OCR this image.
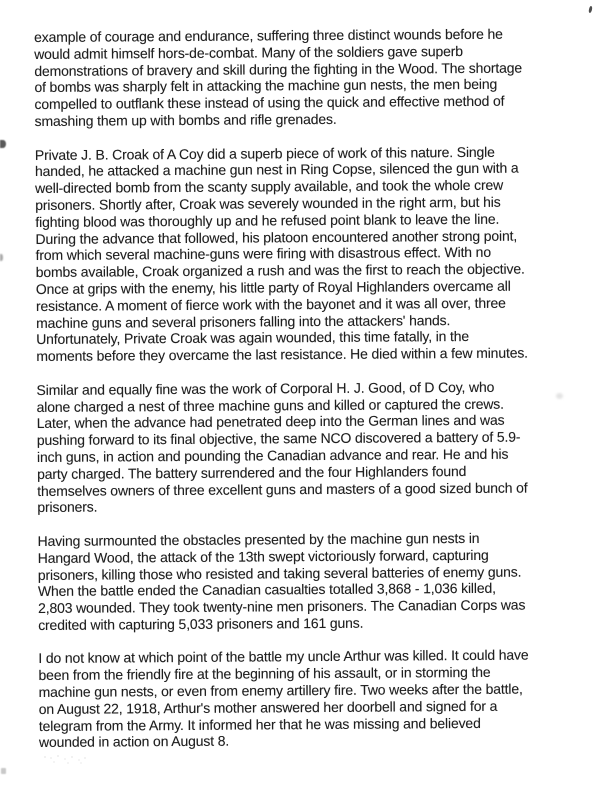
example of courage and endurance, suffering three distinct wounds before he
would admit himself hors-de-combat. Many of the soldiers gave superb
demonstrations of bravery and skill during the fighting in the Wood. The shortage
of bombs was sharply felt in attacking the machine gun nests, the men being
compelled to outflank these instead of using the quick and effective method of
smashing them up with bombs and rifle grenades.

Private J. B. Croak of A Coy did a superb piece of work of this nature. Single
handed, he attacked a machine gun nest in Ring Copse, silenced the gun with a
well-directed bomb from the scanty supply available, and took the whole crew
prisoners. Shortly after, Croak was severely wounded in the right arm, but his
fighting blood was thoroughly up and he refused point blank to leave the line.
During the advance that followed, his platoon encountered another strong point,
from which several machine-guns were firing with disastrous effect. With no
bombs available, Croak organized a rush and was the first to reach the objective.
Once at grips with the enemy, his little party of Royal Highlanders overcame all
resistance. A moment of fierce work with the bayonet and it was all over, three
machine guns and several prisoners falling into the attackers' hands.
Unfortunately, Private Croak was again wounded, this time fatally, in the
moments before they overcame the last resistance. He died within a few minutes.

Similar and equally fine was the work of Corporal H. J. Good, of D Coy, who
alone charged a nest of three machine guns and killed or captured the crews.
Later, when the advance had penetrated deep into the German lines and was
pushing forward to its final objective, the same NCO discovered a battery of 5.9-
inch guns, in action and pounding the Canadian advance and rear. He and his
party charged. The battery surrendered and the four Highlanders found
themselves owners of three excellent guns and masters of a good sized bunch of
prisoners.

Having surmounted the obstacles presented by the machine gun nests in
Hangard Wood, the attack of the 13th swept victoriously forward, capturing
prisoners, killing those who resisted and taking several batteries of enemy guns.
When the battle ended the Canadian casualties totalled 3,868 - 1,036 killed,
2,803 wounded. They took twenty-nine men prisoners. The Canadian Corps was
credited with capturing 5,033 prisoners and 161 guns.

I do not know at which point of the battle my uncle Arthur was killed. It could have
been from the friendly fire at the beginning of his assault, or in storming the
machine gun nests, or even from enemy artillery fire. Two weeks after the battle,
on August 22, 1918, Arthur's mother answered her doorbell and signed for a
telegram from the Army. It informed her that he was missing and believed
wounded in action on August 8.
